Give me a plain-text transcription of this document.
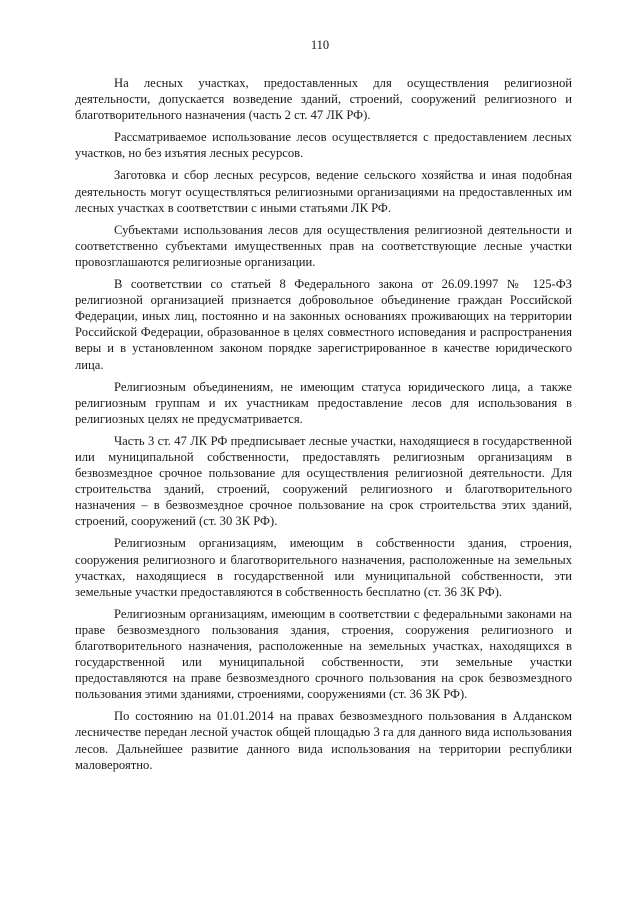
110

На лесных участках, предоставленных для осуществления религиозной деятельности, допускается возведение зданий, строений, сооружений религиозного и благотворительного назначения (часть 2 ст. 47 ЛК РФ).

Рассматриваемое использование лесов осуществляется с предоставлением лесных участков, но без изъятия лесных ресурсов.

Заготовка и сбор лесных ресурсов, ведение сельского хозяйства и иная подобная деятельность могут осуществляться религиозными организациями на предоставленных им лесных участках в соответствии с иными статьями ЛК РФ.

Субъектами использования лесов для осуществления религиозной деятельности и соответственно субъектами имущественных прав на соответствующие лесные участки провозглашаются религиозные организации.

В соответствии со статьей 8 Федерального закона от 26.09.1997 № 125-ФЗ религиозной организацией признается добровольное объединение граждан Российской Федерации, иных лиц, постоянно и на законных основаниях проживающих на территории Российской Федерации, образованное в целях совместного исповедания и распространения веры и в установленном законом порядке зарегистрированное в качестве юридического лица.

Религиозным объединениям, не имеющим статуса юридического лица, а также религиозным группам и их участникам предоставление лесов для использования в религиозных целях не предусматривается.

Часть 3 ст. 47 ЛК РФ предписывает лесные участки, находящиеся в государственной или муниципальной собственности, предоставлять религиозным организациям в безвозмездное срочное пользование для осуществления религиозной деятельности. Для строительства зданий, строений, сооружений религиозного и благотворительного назначения – в безвозмездное срочное пользование на срок строительства этих зданий, строений, сооружений (ст. 30 ЗК РФ).

Религиозным организациям, имеющим в собственности здания, строения, сооружения религиозного и благотворительного назначения, расположенные на земельных участках, находящиеся в государственной или муниципальной собственности, эти земельные участки предоставляются в собственность бесплатно (ст. 36 ЗК РФ).

Религиозным организациям, имеющим в соответствии с федеральными законами на праве безвозмездного пользования здания, строения, сооружения религиозного и благотворительного назначения, расположенные на земельных участках, находящихся в государственной или муниципальной собственности, эти земельные участки предоставляются на праве безвозмездного срочного пользования на срок безвозмездного пользования этими зданиями, строениями, сооружениями (ст. 36 ЗК РФ).

По состоянию на 01.01.2014 на правах безвозмездного пользования в Алданском лесничестве передан лесной участок общей площадью 3 га для данного вида использования лесов. Дальнейшее развитие данного вида использования на территории республики маловероятно.
